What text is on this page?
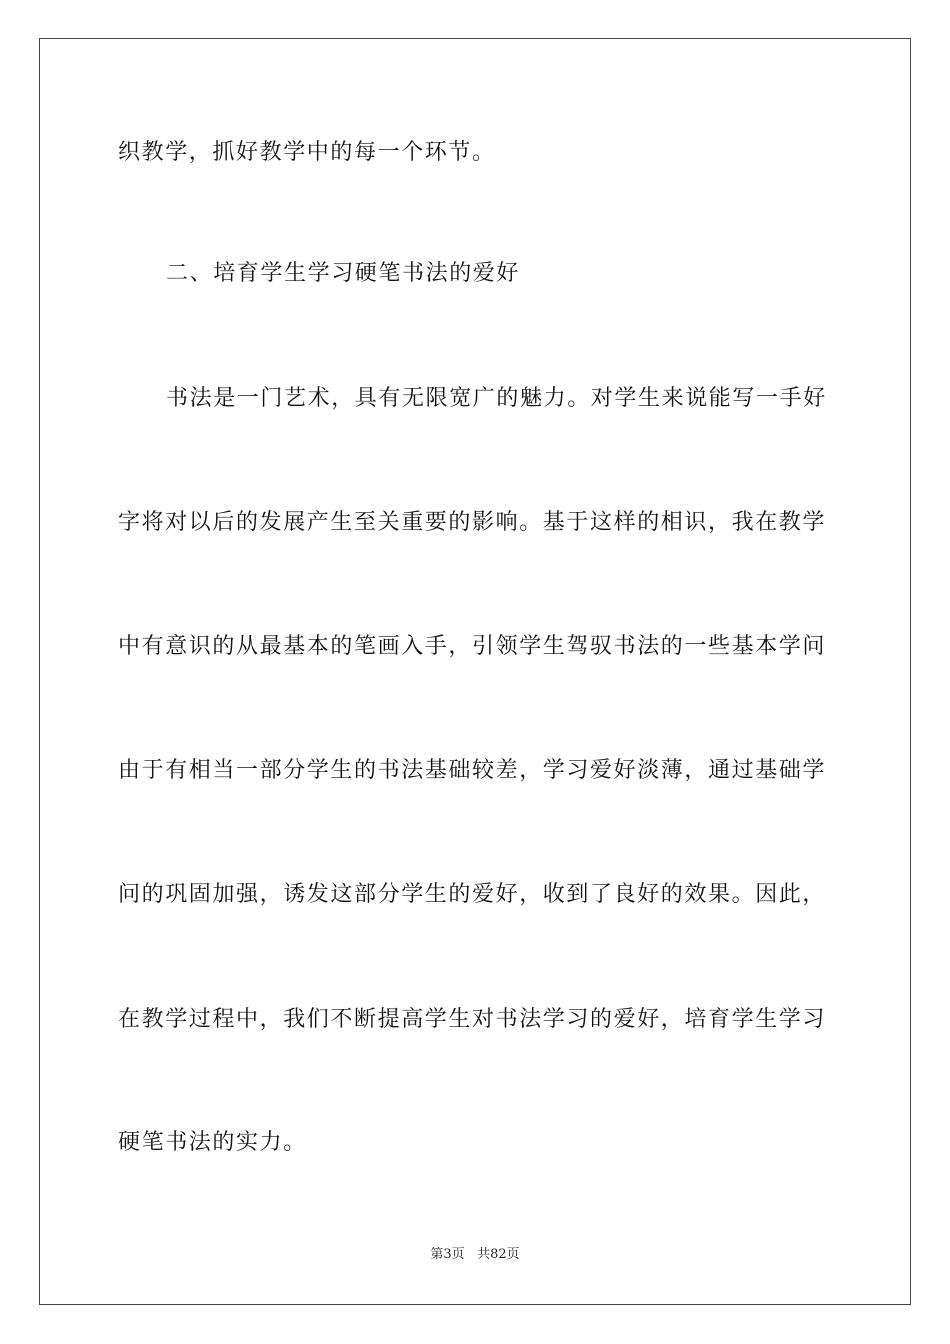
织教学，抓好教学中的每一个环节。
二、培育学生学习硬笔书法的爱好
书法是一门艺术，具有无限宽广的魅力。对学生来说能写一手好
字将对以后的发展产生至关重要的影响。基于这样的相识，我在教学
中有意识的从最基本的笔画入手，引领学生驾驭书法的一些基本学问
由于有相当一部分学生的书法基础较差，学习爱好淡薄，通过基础学
问的巩固加强，诱发这部分学生的爱好，收到了良好的效果。因此，
在教学过程中，我们不断提高学生对书法学习的爱好，培育学生学习
硬笔书法的实力。
第3页 共82页
